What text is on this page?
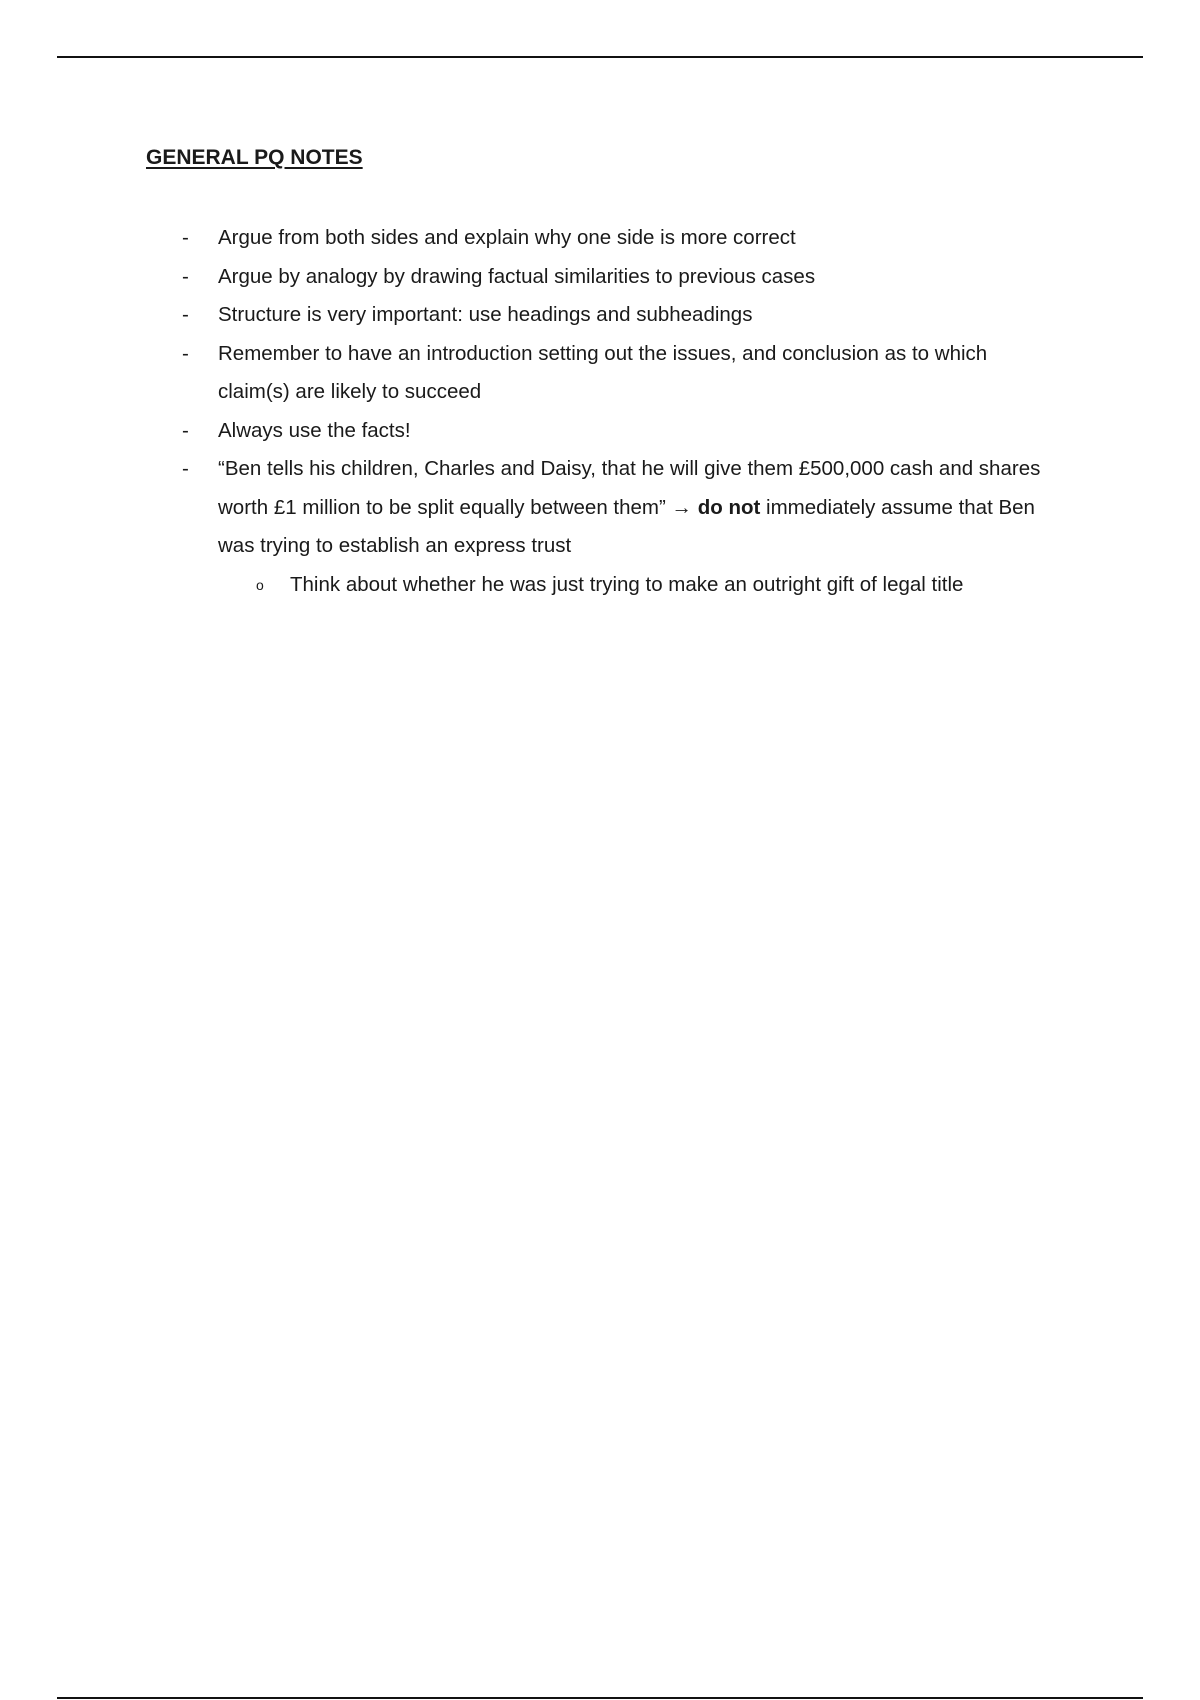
GENERAL PQ NOTES
- Argue from both sides and explain why one side is more correct
- Argue by analogy by drawing factual similarities to previous cases
- Structure is very important: use headings and subheadings
- Remember to have an introduction setting out the issues, and conclusion as to which claim(s) are likely to succeed
- Always use the facts!
- “Ben tells his children, Charles and Daisy, that he will give them £500,000 cash and shares worth £1 million to be split equally between them” → do not immediately assume that Ben was trying to establish an express trust
o Think about whether he was just trying to make an outright gift of legal title
